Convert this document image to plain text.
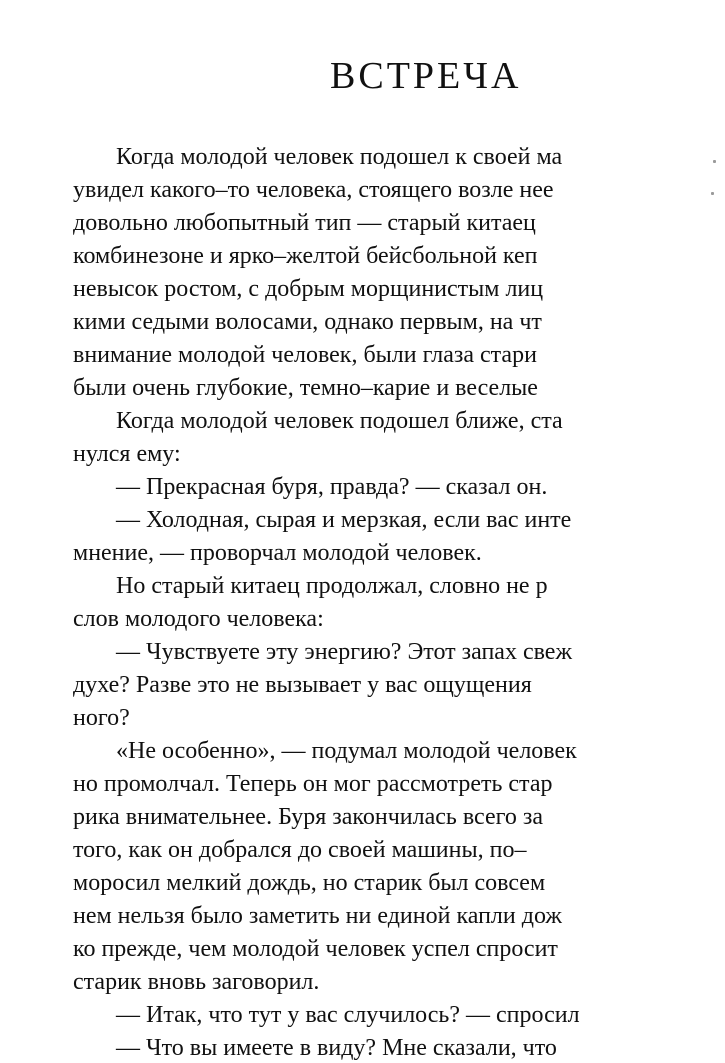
ВСТРЕЧА
Когда молодой человек подошел к своей ма
увидел какого–то человека, стоящего возле нее
довольно любопытный тип — старый китаец
комбинезоне и ярко–желтой бейсбольной кеп
невысок ростом, с добрым морщинистым лиц
кими седыми волосами, однако первым, на чт
внимание молодой человек, были глаза стари
были очень глубокие, темно–карие и веселые
Когда молодой человек подошел ближе, ста
нулся ему:
— Прекрасная буря, правда? — сказал он.
— Холодная, сырая и мерзкая, если вас инте
мнение, — проворчал молодой человек.
Но старый китаец продолжал, словно не р
слов молодого человека:
— Чувствуете эту энергию? Этот запах свеж
духе? Разве это не вызывает у вас ощущения
ного?
«Не особенно», — подумал молодой человек
но промолчал. Теперь он мог рассмотреть стар
рика внимательнее. Буря закончилась всего за
того, как он добрался до своей машины, по–
моросил мелкий дождь, но старик был совсем
нем нельзя было заметить ни единой капли дож
ко прежде, чем молодой человек успел спросит
старик вновь заговорил.
— Итак, что тут у вас случилось? — спросил
— Что вы имеете в виду? Мне сказали, что
